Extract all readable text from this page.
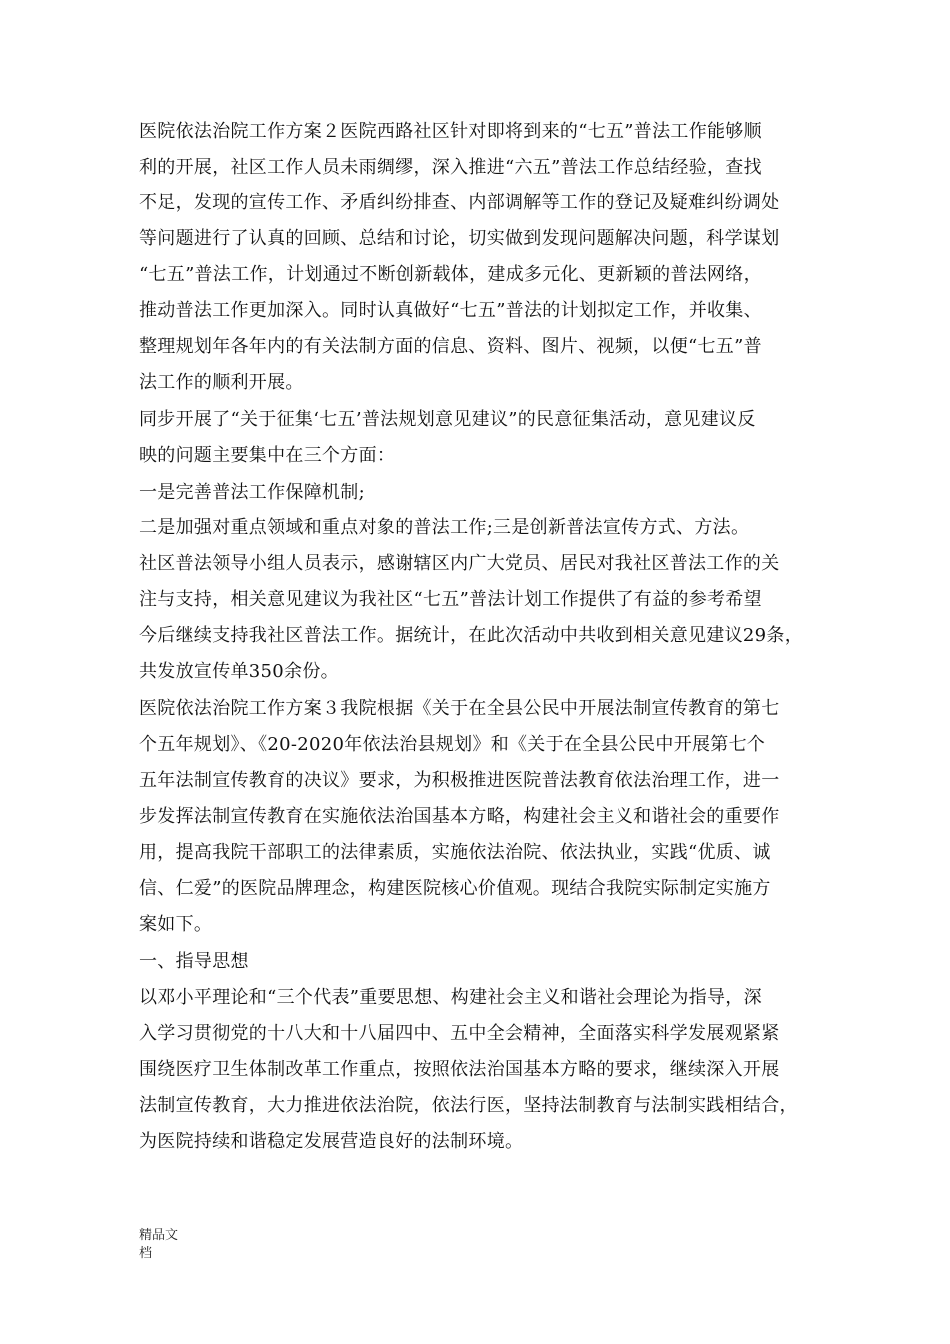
医院依法治院工作方案２医院西路社区针对即将到来的“七五”普法工作能够顺
利的开展，社区工作人员未雨绸缪，深入推进“六五”普法工作总结经验，查找
不足，发现的宣传工作、矛盾纠纷排查、内部调解等工作的登记及疑难纠纷调处
等问题进行了认真的回顾、总结和讨论，切实做到发现问题解决问题，科学谋划
“七五”普法工作，计划通过不断创新载体，建成多元化、更新颖的普法网络，
推动普法工作更加深入。同时认真做好“七五”普法的计划拟定工作，并收集、
整理规划年各年内的有关法制方面的信息、资料、图片、视频，以便“七五”普
法工作的顺利开展。
同步开展了“关于征集‘七五’普法规划意见建议”的民意征集活动，意见建议反
映的问题主要集中在三个方面：
一是完善普法工作保障机制;
二是加强对重点领域和重点对象的普法工作;三是创新普法宣传方式、方法。
社区普法领导小组人员表示，感谢辖区内广大党员、居民对我社区普法工作的关
注与支持，相关意见建议为我社区“七五”普法计划工作提供了有益的参考希望
今后继续支持我社区普法工作。据统计，在此次活动中共收到相关意见建议29条，
共发放宣传单350余份。
医院依法治院工作方案３我院根据《关于在全县公民中开展法制宣传教育的第七
个五年规划》、《20-2020年依法治县规划》和《关于在全县公民中开展第七个
五年法制宣传教育的决议》要求，为积极推进医院普法教育依法治理工作，进一
步发挥法制宣传教育在实施依法治国基本方略，构建社会主义和谐社会的重要作
用，提高我院干部职工的法律素质，实施依法治院、依法执业，实践“优质、诚
信、仁爱”的医院品牌理念，构建医院核心价值观。现结合我院实际制定实施方
案如下。
一、指导思想
以邓小平理论和“三个代表”重要思想、构建社会主义和谐社会理论为指导，深
入学习贯彻党的十八大和十八届四中、五中全会精神，全面落实科学发展观紧紧
围绕医疗卫生体制改革工作重点，按照依法治国基本方略的要求，继续深入开展
法制宣传教育，大力推进依法治院，依法行医，坚持法制教育与法制实践相结合，
为医院持续和谐稳定发展营造良好的法制环境。
精品文
档
